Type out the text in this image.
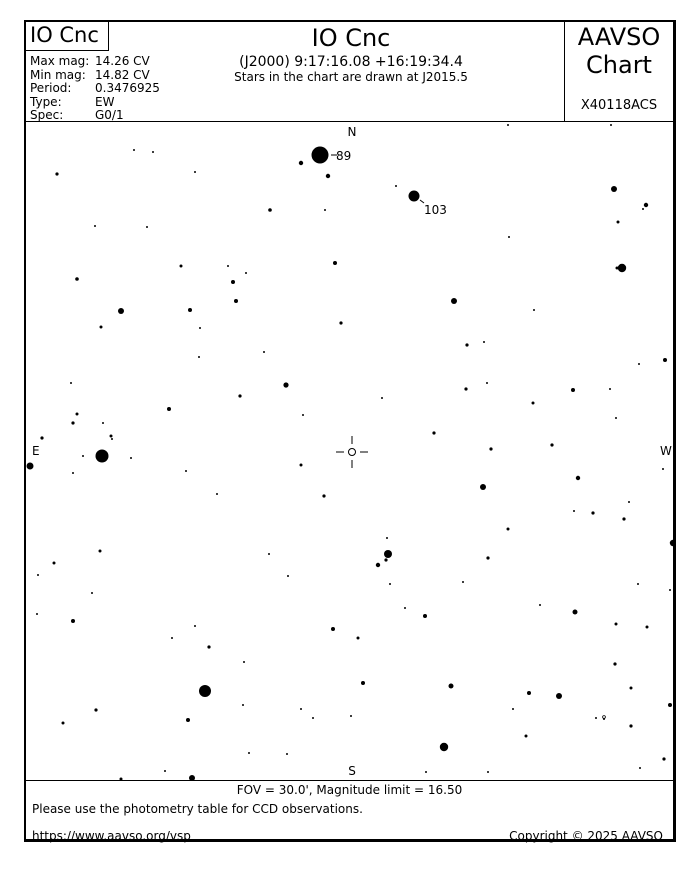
IO Cnc
Max mag: 14.26 CV
Min mag: 14.82 CV
Period:	0.3476925
Type:	EW
Spec:	G0/1
IO Cnc
(J2000) 9:17:16.08 +16:19:34.4
Stars in the chart are drawn at J2015.5
AAVSO
Chart
X40118ACS
89
103
N
S
E	W
FOV = 30.0', Magnitude limit = 16.50
Please use the photometry table for CCD observations.
https://www.aavso.org/vsp	Copyright © 2025 AAVSO
